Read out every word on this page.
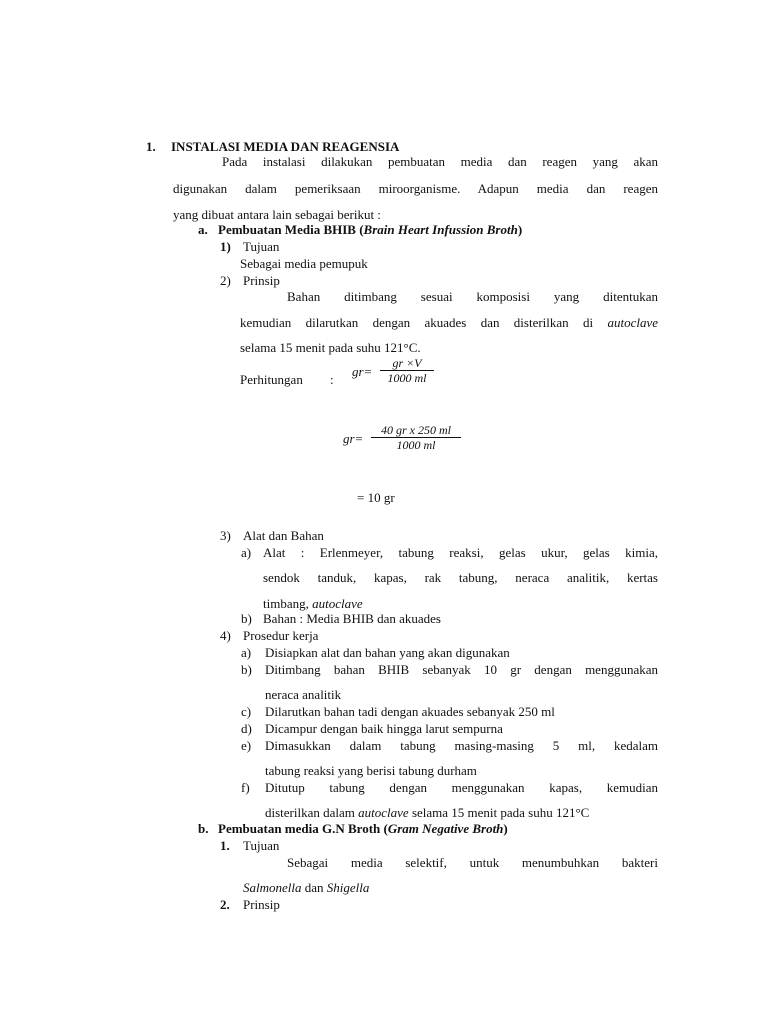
1. INSTALASI MEDIA DAN REAGENSIA
Pada instalasi dilakukan pembuatan media dan reagen yang akan
digunakan dalam pemeriksaan miroorganisme. Adapun media dan reagen
yang dibuat antara lain sebagai berikut :
a. Pembuatan Media BHIB (Brain Heart Infussion Broth)
1) Tujuan
Sebagai media pemupuk
2) Prinsip
Bahan ditimbang sesuai komposisi yang ditentukan
kemudian dilarutkan dengan akuades dan disterilkan di autoclave
selama 15 menit pada suhu 121°C.
Perhitungan :
$gr= \frac{gr \times V}{1000 ml}$
$gr= \frac{\text{40 gr x 250 ml}}{1000 ml}$
= 10 gr
3) Alat dan Bahan
a) Alat : Erlenmeyer, tabung reaksi, gelas ukur, gelas kimia,
sendok tanduk, kapas, rak tabung, neraca analitik, kertas
timbang, autoclave
b) Bahan : Media BHIB dan akuades
4) Prosedur kerja
a) Disiapkan alat dan bahan yang akan digunakan
b) Ditimbang bahan BHIB sebanyak 10 gr dengan menggunakan
neraca analitik
c) Dilarutkan bahan tadi dengan akuades sebanyak 250 ml
d) Dicampur dengan baik hingga larut sempurna
e) Dimasukkan dalam tabung masing-masing 5 ml, kedalam
tabung reaksi yang berisi tabung durham
f) Ditutup tabung dengan menggunakan kapas, kemudian
disterilkan dalam autoclave selama 15 menit pada suhu 121°C
b. Pembuatan media G.N Broth (Gram Negative Broth)
1. Tujuan
Sebagai media selektif, untuk menumbuhkan bakteri
Salmonella dan Shigella
2. Prinsip
